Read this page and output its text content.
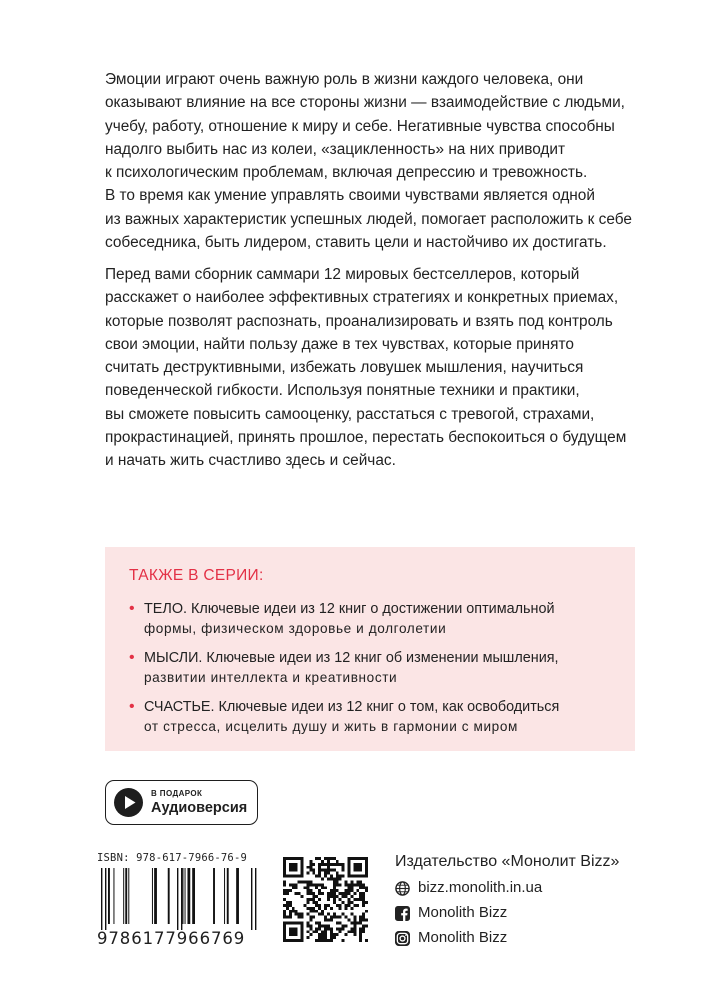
Эмоции играют очень важную роль в жизни каждого человека, они
оказывают влияние на все стороны жизни — взаимодействие с людьми,
учебу, работу, отношение к миру и себе. Негативные чувства способны
надолго выбить нас из колеи, «зацикленность» на них приводит
к психологическим проблемам, включая депрессию и тревожность.
В то время как умение управлять своими чувствами является одной
из важных характеристик успешных людей, помогает расположить к себе
собеседника, быть лидером, ставить цели и настойчиво их достигать.
Перед вами сборник саммари 12 мировых бестселлеров, который
расскажет о наиболее эффективных стратегиях и конкретных приемах,
которые позволят распознать, проанализировать и взять под контроль
свои эмоции, найти пользу даже в тех чувствах, которые принято
считать деструктивными, избежать ловушек мышления, научиться
поведенческой гибкости. Используя понятные техники и практики,
вы сможете повысить самооценку, расстаться с тревогой, страхами,
прокрастинацией, принять прошлое, перестать беспокоиться о будущем
и начать жить счастливо здесь и сейчас.
ТАКЖЕ В СЕРИИ:
• ТЕЛО. Ключевые идеи из 12 книг о достижении оптимальной
формы, физическом здоровье и долголетии
• МЫСЛИ. Ключевые идеи из 12 книг об изменении мышления,
развитии интеллекта и креативности
• СЧАСТЬЕ. Ключевые идеи из 12 книг о том, как освободиться
от стресса, исцелить душу и жить в гармонии с миром
В ПОДАРОК
Аудиоверсия
ISBN: 978-617-7966-76-9
9786177966769
Издательство «Монолит Bizz»
bizz.monolith.in.ua
Monolith Bizz
Monolith Bizz
